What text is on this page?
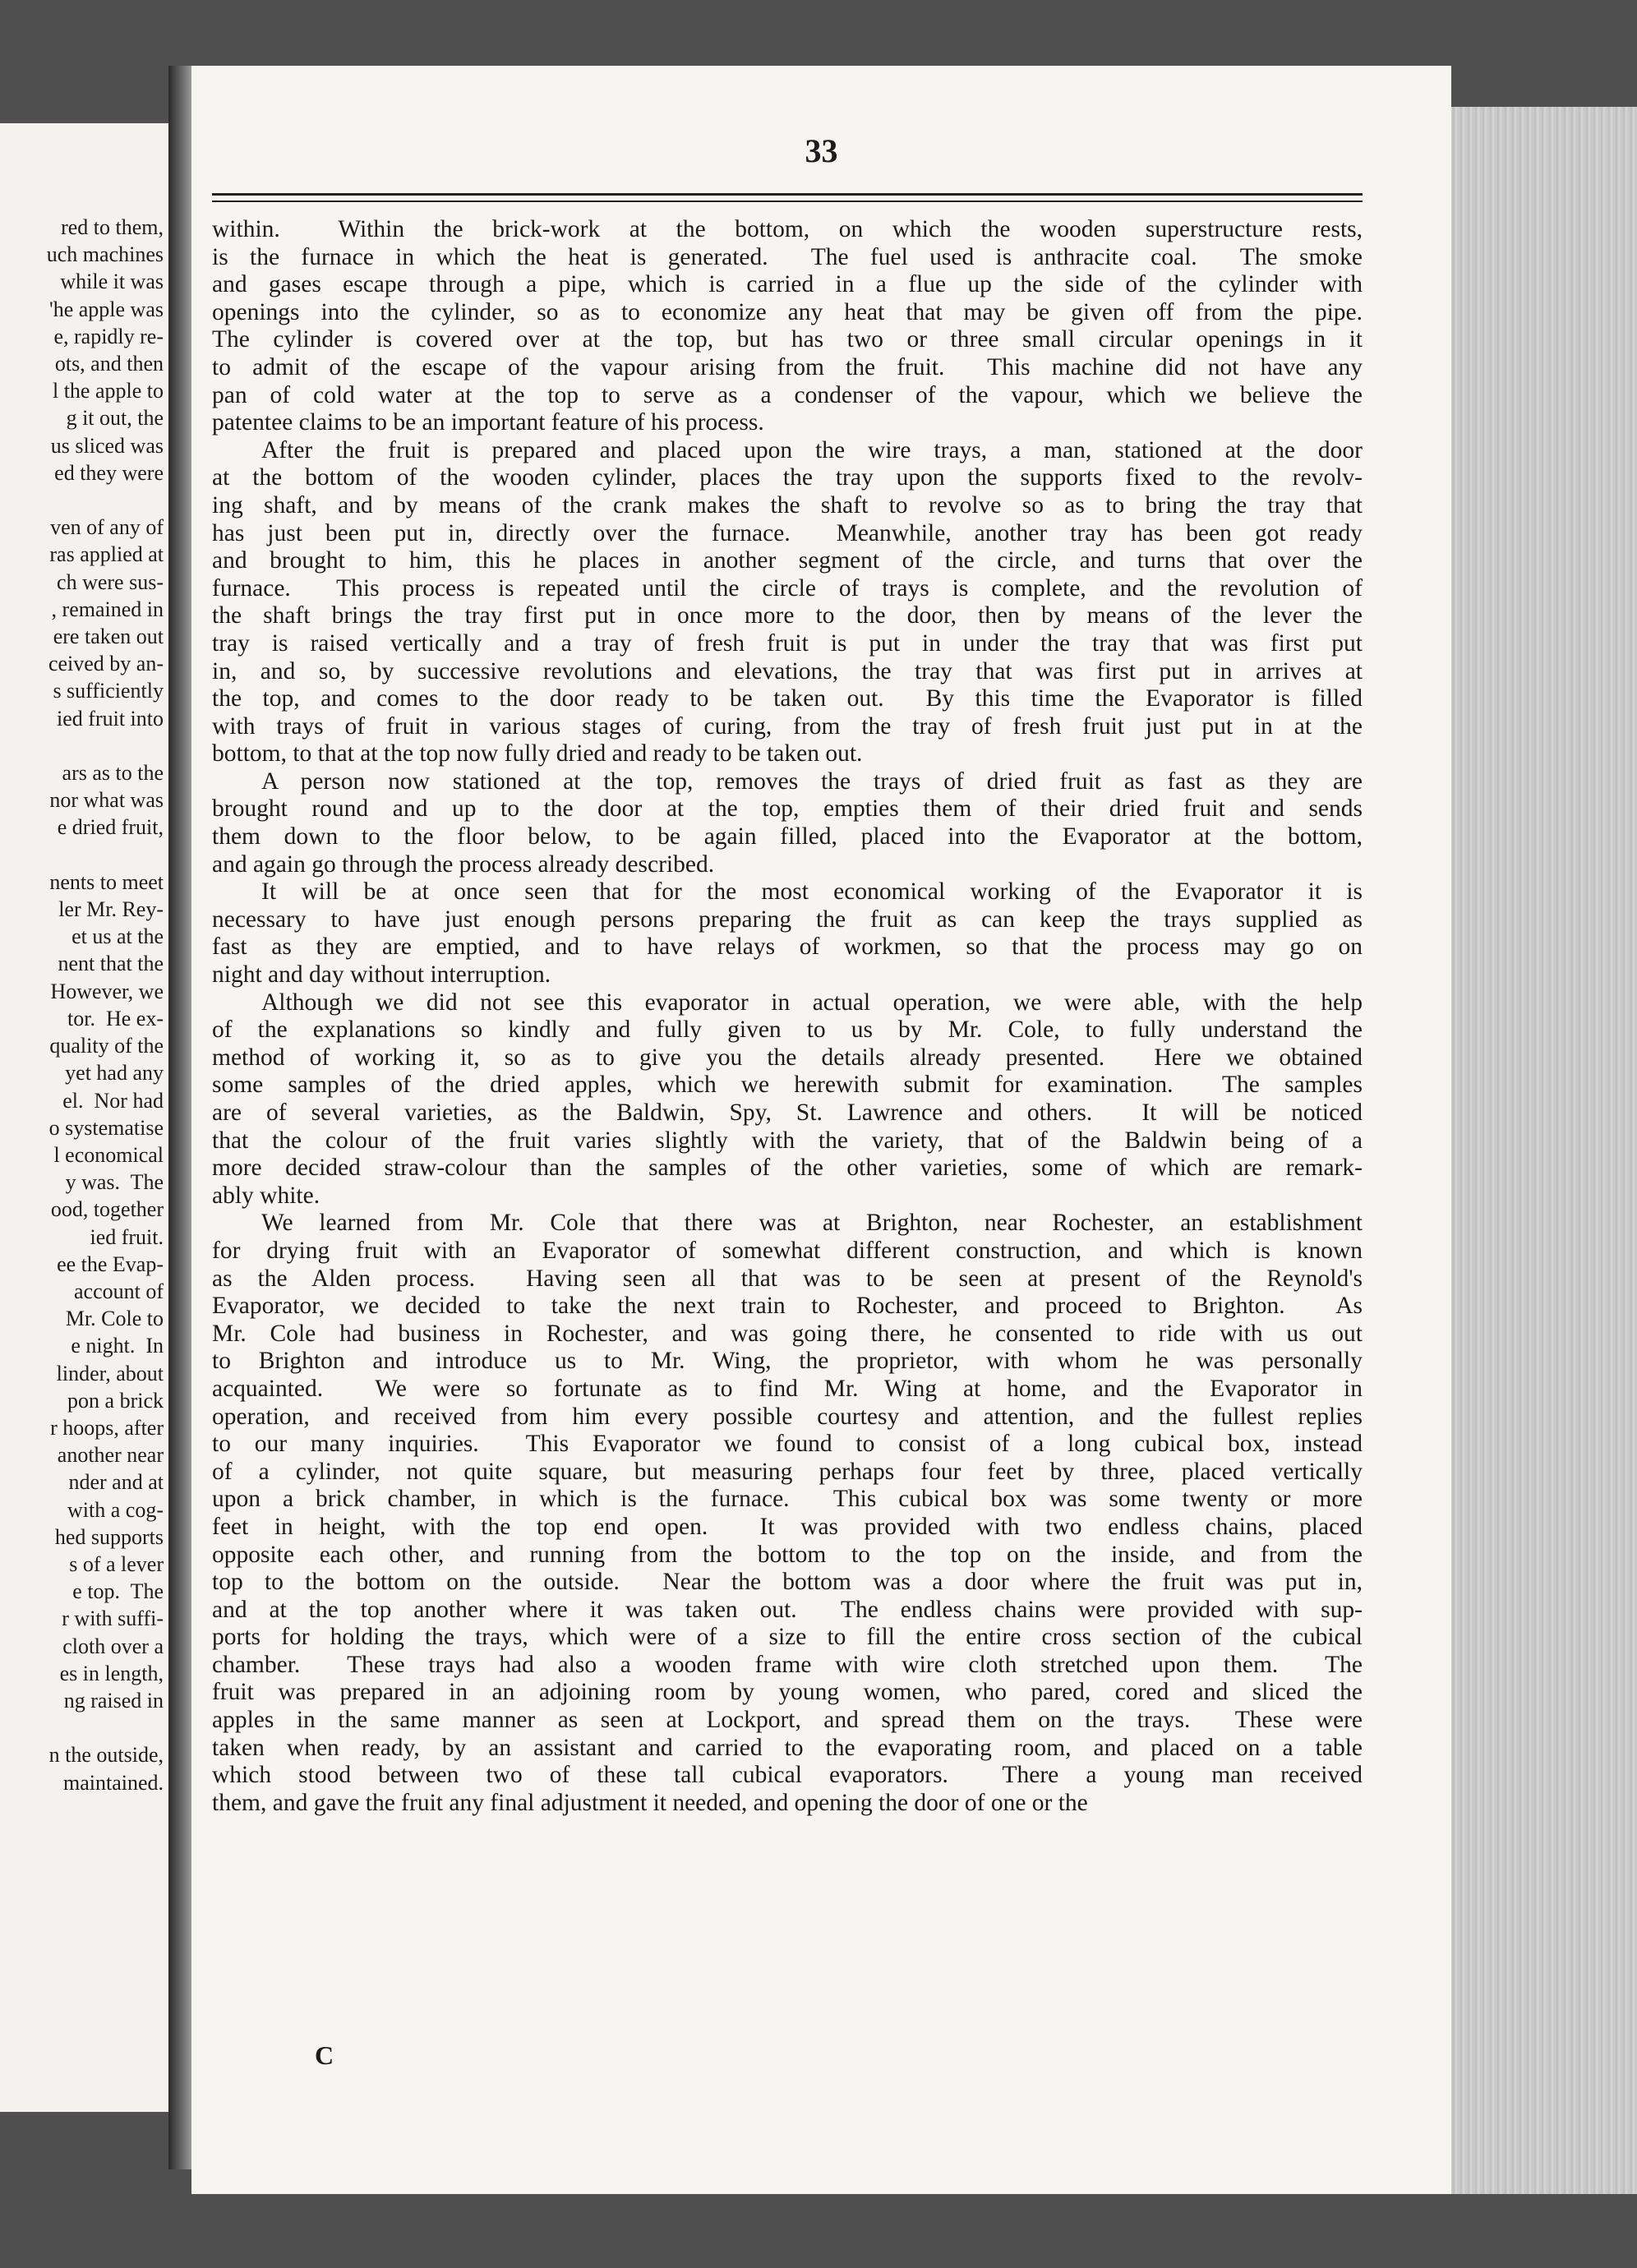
red to them,
uch machines
while it was
'he apple was
e, rapidly re-
ots, and then
l the apple to
g it out, the
us sliced was
ed they were

ven of any of
ras applied at
ch were sus-
, remained in
ere taken out
ceived by an-
s sufficiently
ied fruit into

ars as to the
nor what was
e dried fruit,

nents to meet
ler Mr. Rey-
et us at the
nent that the
However, we
tor.  He ex-
quality of the
yet had any
el.  Nor had
o systematise
l economical
y was.  The
ood, together
ied fruit.
ee the Evap-
account of
Mr. Cole to
e night.  In
linder, about
pon a brick
r hoops, after
another near
nder and at
with a cog-
hed supports
s of a lever
e top.  The
r with suffi-
cloth over a
es in length,
ng raised in

n the outside,
maintained.
33
within.  Within the brick-work at the bottom, on which the wooden superstructure rests,
is the furnace in which the heat is generated.  The fuel used is anthracite coal.  The smoke
and gases escape through a pipe, which is carried in a flue up the side of the cylinder with
openings into the cylinder, so as to economize any heat that may be given off from the pipe.
The cylinder is covered over at the top, but has two or three small circular openings in it
to admit of the escape of the vapour arising from the fruit.  This machine did not have any
pan of cold water at the top to serve as a condenser of the vapour, which we believe the
patentee claims to be an important feature of his process.
After the fruit is prepared and placed upon the wire trays, a man, stationed at the door
at the bottom of the wooden cylinder, places the tray upon the supports fixed to the revolv-
ing shaft, and by means of the crank makes the shaft to revolve so as to bring the tray that
has just been put in, directly over the furnace.  Meanwhile, another tray has been got ready
and brought to him, this he places in another segment of the circle, and turns that over the
furnace.  This process is repeated until the circle of trays is complete, and the revolution of
the shaft brings the tray first put in once more to the door, then by means of the lever the
tray is raised vertically and a tray of fresh fruit is put in under the tray that was first put
in, and so, by successive revolutions and elevations, the tray that was first put in arrives at
the top, and comes to the door ready to be taken out.  By this time the Evaporator is filled
with trays of fruit in various stages of curing, from the tray of fresh fruit just put in at the
bottom, to that at the top now fully dried and ready to be taken out.
A person now stationed at the top, removes the trays of dried fruit as fast as they are
brought round and up to the door at the top, empties them of their dried fruit and sends
them down to the floor below, to be again filled, placed into the Evaporator at the bottom,
and again go through the process already described.
It will be at once seen that for the most economical working of the Evaporator it is
necessary to have just enough persons preparing the fruit as can keep the trays supplied as
fast as they are emptied, and to have relays of workmen, so that the process may go on
night and day without interruption.
Although we did not see this evaporator in actual operation, we were able, with the help
of the explanations so kindly and fully given to us by Mr. Cole, to fully understand the
method of working it, so as to give you the details already presented.  Here we obtained
some samples of the dried apples, which we herewith submit for examination.  The samples
are of several varieties, as the Baldwin, Spy, St. Lawrence and others.  It will be noticed
that the colour of the fruit varies slightly with the variety, that of the Baldwin being of a
more decided straw-colour than the samples of the other varieties, some of which are remark-
ably white.
We learned from Mr. Cole that there was at Brighton, near Rochester, an establishment
for drying fruit with an Evaporator of somewhat different construction, and which is known
as the Alden process.  Having seen all that was to be seen at present of the Reynold's
Evaporator, we decided to take the next train to Rochester, and proceed to Brighton.  As
Mr. Cole had business in Rochester, and was going there, he consented to ride with us out
to Brighton and introduce us to Mr. Wing, the proprietor, with whom he was personally
acquainted.  We were so fortunate as to find Mr. Wing at home, and the Evaporator in
operation, and received from him every possible courtesy and attention, and the fullest replies
to our many inquiries.  This Evaporator we found to consist of a long cubical box, instead
of a cylinder, not quite square, but measuring perhaps four feet by three, placed vertically
upon a brick chamber, in which is the furnace.  This cubical box was some twenty or more
feet in height, with the top end open.  It was provided with two endless chains, placed
opposite each other, and running from the bottom to the top on the inside, and from the
top to the bottom on the outside.  Near the bottom was a door where the fruit was put in,
and at the top another where it was taken out.  The endless chains were provided with sup-
ports for holding the trays, which were of a size to fill the entire cross section of the cubical
chamber.  These trays had also a wooden frame with wire cloth stretched upon them.  The
fruit was prepared in an adjoining room by young women, who pared, cored and sliced the
apples in the same manner as seen at Lockport, and spread them on the trays.  These were
taken when ready, by an assistant and carried to the evaporating room, and placed on a table
which stood between two of these tall cubical evaporators.  There a young man received
them, and gave the fruit any final adjustment it needed, and opening the door of one or the
C
